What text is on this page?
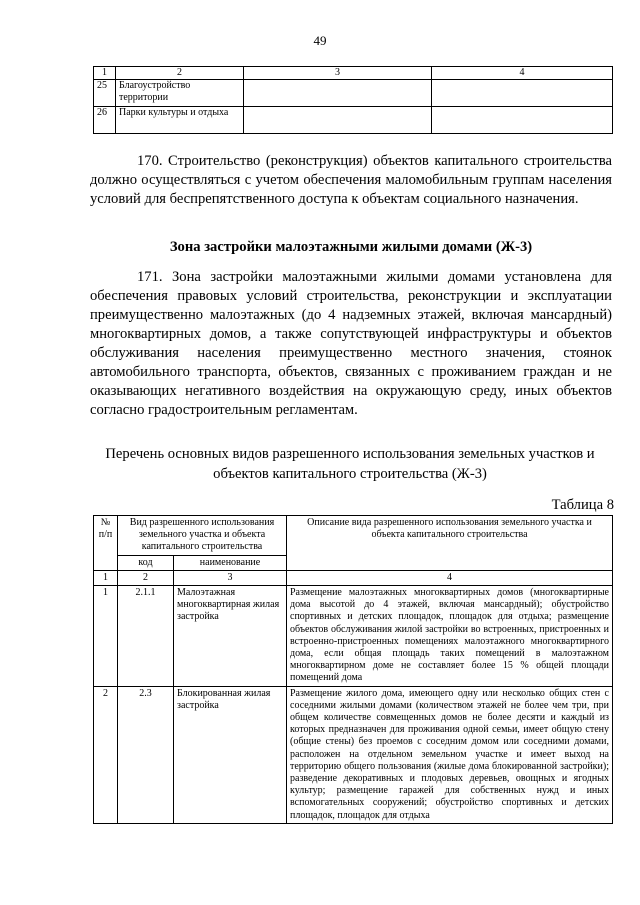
49
1	2	3	4
25	Благоустройство территории		
26	Парки культуры и отдыха		

170. Строительство (реконструкция) объектов капитального строительства должно осуществляться с учетом обеспечения маломобильным группам населения условий для беспрепятственного доступа к объектам социального назначения.

Зона застройки малоэтажными жилыми домами (Ж-3)

171. Зона застройки малоэтажными жилыми домами установлена для обеспечения правовых условий строительства, реконструкции и эксплуатации преимущественно малоэтажных (до 4 надземных этажей, включая мансардный) многоквартирных домов, а также сопутствующей инфраструктуры и объектов обслуживания населения преимущественно местного значения, стоянок автомобильного транспорта, объектов, связанных с проживанием граждан и не оказывающих негативного воздействия на окружающую среду, иных объектов согласно градостроительным регламентам.

Перечень основных видов разрешенного использования земельных участков и объектов капитального строительства (Ж-3)

Таблица 8

№ п/п	Вид разрешенного использования земельного участка и объекта капитального строительства		Описание вида разрешенного использования земельного участка и объекта капитального строительства
	код	наименование	
1	2	3	4
1	2.1.1	Малоэтажная многоквартирная жилая застройка	Размещение малоэтажных многоквартирных домов (многоквартирные дома высотой до 4 этажей, включая мансардный); обустройство спортивных и детских площадок, площадок для отдыха; размещение объектов обслуживания жилой застройки во встроенных, пристроенных и встроенно-пристроенных помещениях малоэтажного многоквартирного дома, если общая площадь таких помещений в малоэтажном многоквартирном доме не составляет более 15 % общей площади помещений дома
2	2.3	Блокированная жилая застройка	Размещение жилого дома, имеющего одну или несколько общих стен с соседними жилыми домами (количеством этажей не более чем три, при общем количестве совмещенных домов не более десяти и каждый из которых предназначен для проживания одной семьи, имеет общую стену (общие стены) без проемов с соседним домом или соседними домами, расположен на отдельном земельном участке и имеет выход на территорию общего пользования (жилые дома блокированной застройки); разведение декоративных и плодовых деревьев, овощных и ягодных культур; размещение гаражей для собственных нужд и иных вспомогательных сооружений; обустройство спортивных и детских площадок, площадок для отдыха
